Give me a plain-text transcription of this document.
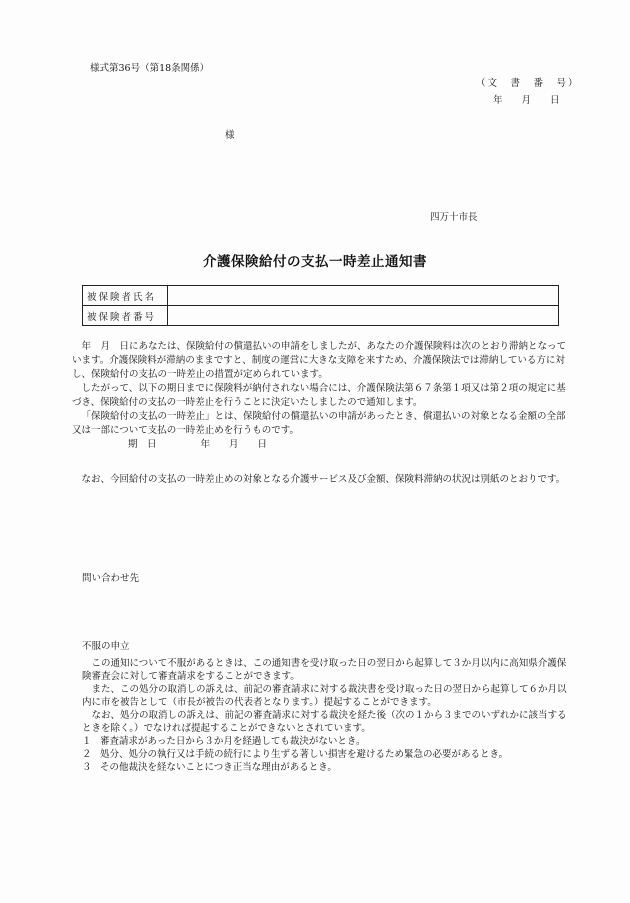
様式第36号（第18条関係）
（文　書　番　号）
年　　月　　日
様
四万十市長
介護保険給付の支払一時差止通知書
被保険者氏名	
被保険者番号	

年　月　日にあなたは、保険給付の償還払いの申請をしましたが、あなたの介護保険料は次のとおり滞納となっています。介護保険料が滞納のままですと、制度の運営に大きな支障を来すため、介護保険法では滞納している方に対し、保険給付の支払の一時差止の措置が定められています。

したがって、以下の期日までに保険料が納付されない場合には、介護保険法第６７条第１項又は第２項の規定に基づき、保険給付の支払の一時差止を行うことに決定いたしましたので通知します。

「保険給付の支払の一時差止」とは、保険給付の償還払いの申請があったとき、償還払いの対象となる金額の全部又は一部について支払の一時差止めを行うものです。

期　日	年　　月　　日

なお、今回給付の支払の一時差止めの対象となる介護サービス及び金額、保険料滞納の状況は別紙のとおりです。

問い合わせ先
不服の申立

この通知について不服があるときは、この通知書を受け取った日の翌日から起算して３か月以内に高知県介護保険審査会に対して審査請求をすることができます。

また、この処分の取消しの訴えは、前記の審査請求に対する裁決書を受け取った日の翌日から起算して６か月以内に市を被告として（市長が被告の代表者となります。）提起することができます。

なお、処分の取消しの訴えは、前記の審査請求に対する裁決を経た後（次の１から３までのいずれかに該当するときを除く。）でなければ提起することができないとされています。

１ 審査請求があった日から３か月を経過しても裁決がないとき。

２ 処分、処分の執行又は手続の続行により生ずる著しい損害を避けるため緊急の必要があるとき。

３ その他裁決を経ないことにつき正当な理由があるとき。
